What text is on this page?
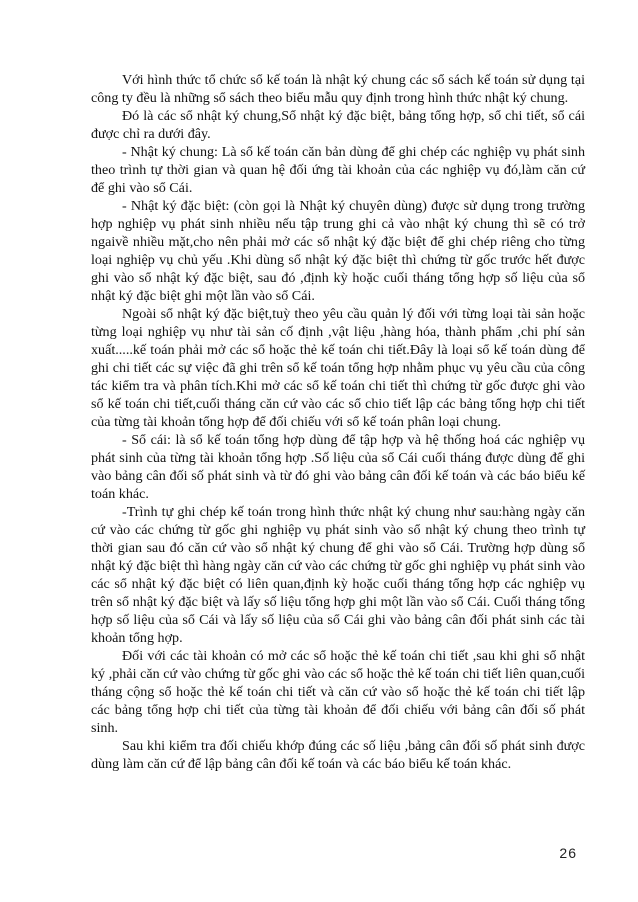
Với hình thức tổ chức sổ kế toán là nhật ký chung các sổ sách kế toán sử dụng tại công ty đều là những sổ sách theo biểu mẫu quy định trong hình thức nhật ký chung.

Đó là các sổ nhật ký chung,Sổ nhật ký đặc biệt, bảng tổng hợp, sổ chi tiết, sổ cái được chỉ ra dưới đây.

- Nhật ký chung: Là sổ kế toán căn bản dùng để ghi chép các nghiệp vụ phát sinh theo trình tự thời gian và quan hệ đối ứng tài khoản của các nghiệp vụ đó,làm căn cứ để ghi vào sổ Cái.

- Nhật ký đặc biệt: (còn gọi là Nhật ký chuyên dùng) được sử dụng trong trường hợp nghiệp vụ phát sinh nhiều nếu tập trung ghi cả vào nhật ký chung thì sẽ có trở ngaivề nhiều mặt,cho nên phải mở các sổ nhật ký đặc biệt để ghi chép riêng cho từng loại nghiệp vụ chủ yếu .Khi dùng sổ nhật ký đặc biệt thì chứng từ gốc trước hết được ghi vào sổ nhật ký đặc biệt, sau đó ,định kỳ hoặc cuối tháng tổng hợp số liệu của sổ nhật ký đặc biệt ghi một lần vào sổ Cái.

Ngoài sổ nhật ký đặc biệt,tuỳ theo yêu cầu quản lý đối với từng loại tài sản hoặc từng loại nghiệp vụ như tài sản cố định ,vật liệu ,hàng hóa, thành phẩm ,chi phí sản xuất.....kế toán phải mở các sổ hoặc thẻ kế toán chi tiết.Đây là loại sổ kế toán dùng để ghi chi tiết các sự việc đã ghi trên sổ kế toán tổng hợp nhằm phục vụ yêu cầu của công tác kiểm tra và phân tích.Khi mở các sổ kế toán chi tiết thì chứng từ gốc được ghi vào sổ kế toán chi tiết,cuối tháng căn cứ vào các sổ chio tiết lập các bảng tổng hợp chi tiết của từng tài khoản tổng hợp để đối chiếu với sổ kế toán phân loại chung.

- Sổ cái: là sổ kế toán tổng hợp dùng để tập hợp và hệ thống hoá các nghiệp vụ phát sinh của từng tài khoản tổng hợp .Số liệu của sổ Cái cuối tháng được dùng để ghi vào bảng cân đối số phát sinh và từ đó ghi vào bảng cân đối kế toán và các báo biểu kế toán khác.

-Trình tự ghi chép kế toán trong hình thức nhật ký chung như sau:hàng ngày căn cứ vào các chứng từ gốc ghi nghiệp vụ phát sinh vào sổ nhật ký chung theo trình tự thời gian sau đó căn cứ vào sổ nhật ký chung để ghi vào sổ Cái. Trường hợp dùng sổ nhật ký đặc biệt thì hàng ngày căn cứ vào các chứng từ gốc ghi nghiệp vụ phát sinh vào các sổ nhật ký đặc biệt có liên quan,định kỳ hoặc cuối tháng tổng hợp các nghiệp vụ trên sổ nhật ký đặc biệt và lấy số liệu tổng hợp ghi một lần vào sổ Cái. Cuối tháng tổng hợp số liệu của sổ Cái và lấy số liệu của sổ Cái ghi vào bảng cân đối phát sinh các tài khoản tổng hợp.

Đối với các tài khoản có mở các sổ hoặc thẻ kế toán chi tiết ,sau khi ghi sổ nhật ký ,phải căn cứ vào chứng từ gốc ghi vào các sổ hoặc thẻ kế toán chi tiết liên quan,cuối tháng cộng sổ hoặc thẻ kế toán chi tiết và căn cứ vào sổ hoặc thẻ kế toán chi tiết lập các bảng tổng hợp chi tiết của từng tài khoản để đối chiếu với bảng cân đối số phát sinh.

Sau khi kiểm tra đối chiếu khớp đúng các số liệu ,bảng cân đối số phát sinh được dùng làm căn cứ để lập bảng cân đối kế toán và các báo biểu kế toán khác.

26
